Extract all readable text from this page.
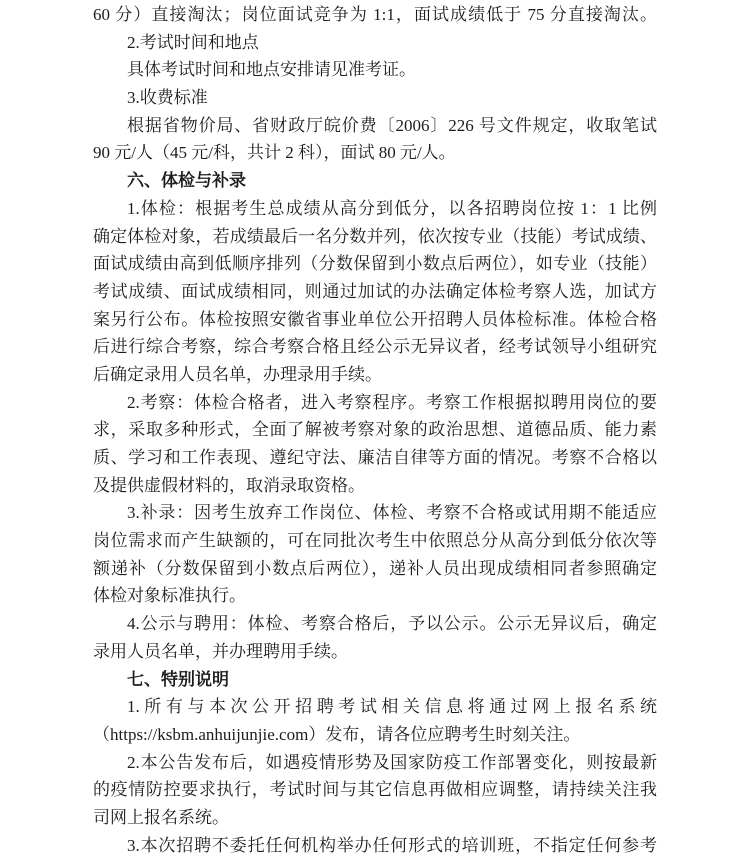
60 分）直接淘汰；岗位面试竞争为 1:1，面试成绩低于 75 分直接淘汰。
2.考试时间和地点
具体考试时间和地点安排请见准考证。
3.收费标准
根据省物价局、省财政厅皖价费〔2006〕226 号文件规定，收取笔试
90 元/人（45 元/科，共计 2 科），面试 80 元/人。
六、体检与补录
1.体检：根据考生总成绩从高分到低分，以各招聘岗位按 1：1 比例
确定体检对象，若成绩最后一名分数并列，依次按专业（技能）考试成绩、
面试成绩由高到低顺序排列（分数保留到小数点后两位），如专业（技能）
考试成绩、面试成绩相同，则通过加试的办法确定体检考察人选，加试方
案另行公布。体检按照安徽省事业单位公开招聘人员体检标准。体检合格
后进行综合考察，综合考察合格且经公示无异议者，经考试领导小组研究
后确定录用人员名单，办理录用手续。
2.考察：体检合格者，进入考察程序。考察工作根据拟聘用岗位的要
求，采取多种形式，全面了解被考察对象的政治思想、道德品质、能力素
质、学习和工作表现、遵纪守法、廉洁自律等方面的情况。考察不合格以
及提供虚假材料的，取消录取资格。
3.补录：因考生放弃工作岗位、体检、考察不合格或试用期不能适应
岗位需求而产生缺额的，可在同批次考生中依照总分从高分到低分依次等
额递补（分数保留到小数点后两位），递补人员出现成绩相同者参照确定
体检对象标准执行。
4.公示与聘用：体检、考察合格后，予以公示。公示无异议后，确定
录用人员名单，并办理聘用手续。
七、特别说明
1.所有与本次公开招聘考试相关信息将通过网上报名系统
（https://ksbm.anhuijunjie.com）发布，请各位应聘考生时刻关注。
2.本公告发布后，如遇疫情形势及国家防疫工作部署变化，则按最新
的疫情防控要求执行，考试时间与其它信息再做相应调整，请持续关注我
司网上报名系统。
3.本次招聘不委托任何机构举办任何形式的培训班，不指定任何参考
